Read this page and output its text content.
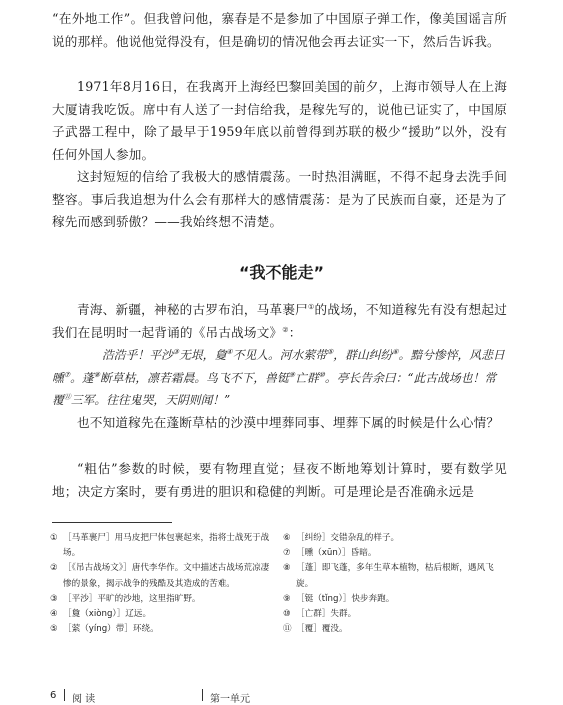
“在外地工作”。但我曾问他，寨春是不是参加了中国原子弹工作，像美国谣言所说的那样。他说他觉得没有，但是确切的情况他会再去证实一下，然后告诉我。

1971年8月16日，在我离开上海经巴黎回美国的前夕，上海市领导人在上海大厦请我吃饭。席中有人送了一封信给我，是稼先写的，说他已证实了，中国原子武器工程中，除了最早于1959年底以前曾得到苏联的极少“援助”以外，没有任何外国人参加。

这封短短的信给了我极大的感情震荡。一时热泪满眶，不得不起身去洗手间整容。事后我追想为什么会有那样大的感情震荡：是为了民族而自豪，还是为了稼先而感到骄傲？——我始终想不清楚。

“我不能走”

青海、新疆，神秘的古罗布泊，马革裹尸①的战场，不知道稼先有没有想起过我们在昆明时一起背诵的《吊古战场文》②：

浩浩乎！平沙③无垠，敻④不见人。河水萦带⑤，群山纠纷⑥。黯兮惨悴，风悲日曛⑦。蓬⑧断草枯，凛若霜晨。鸟飞不下，兽铤⑨亡群⑩。亭长告余曰：“此古战场也！常覆⑪三军。往往鬼哭，天阴则闻！”

也不知道稼先在蓬断草枯的沙漠中埋葬同事、埋葬下属的时候是什么心情？

“粗估”参数的时候，要有物理直觉；昼夜不断地筹划计算时，要有数学见地；决定方案时，要有勇进的胆识和稳健的判断。可是理论是否准确永远是

① ［马革裹尸］用马皮把尸体包裹起来，指将士战死于战场。
② ［《吊古战场文》］唐代李华作。文中描述古战场荒凉凄惨的景象，揭示战争的残酷及其造成的苦难。
③ ［平沙］平旷的沙地，这里指旷野。
④ ［敻（xiòng）］辽远。
⑤ ［萦（yíng）带］环绕。
⑥ ［纠纷］交错杂乱的样子。
⑦ ［曛（xūn）］昏暗。
⑧ ［蓬］即飞蓬，多年生草本植物，枯后根断，遇风飞旋。
⑨ ［铤（tǐng）］快步奔跑。
⑩ ［亡群］失群。
⑪ ［覆］覆没。
6 阅 读	第一单元
